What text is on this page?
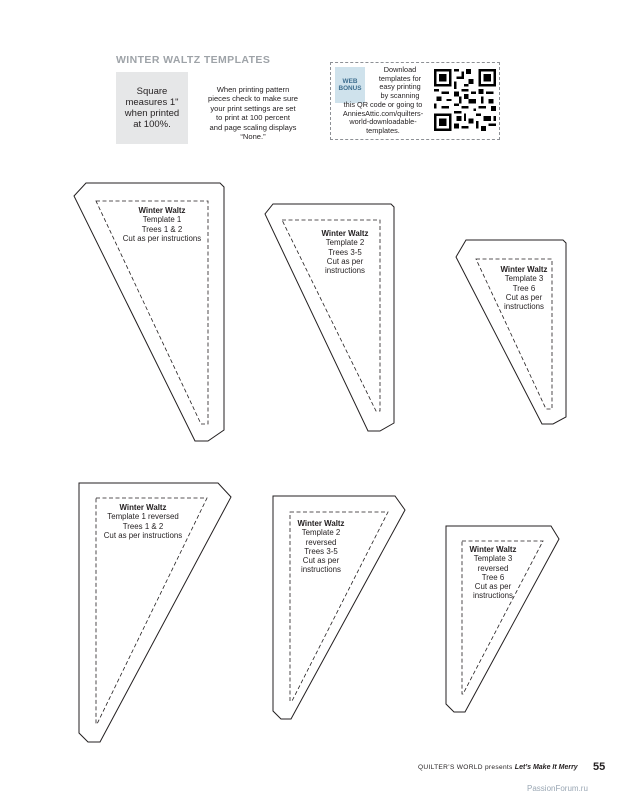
WINTER WALTZ TEMPLATES
Square measures 1" when printed at 100%.
When printing pattern
pieces check to make sure
your print settings are set
to print at 100 percent
and page scaling displays
“None.”
WEB
BONUS
Download
templates for
easy printing
by scanning
this QR code or going to
AnniesAttic.com/quilters-
world-downloadable-
templates.
Winter Waltz
Template 1
Trees 1 & 2
Cut as per instructions
Winter Waltz
Template 2
Trees 3-5
Cut as per
instructions	Winter Waltz
Template 3
Tree 6
Cut as per
instructions
Winter Waltz
Template 1 reversed
Trees 1 & 2
Cut as per instructions
Winter Waltz
Template 2
reversed
Trees 3-5
Cut as per
instructions
Winter Waltz
Template 3
reversed
Tree 6
Cut as per
instructions
QUILTER’S WORLD presents Let’s Make It Merry 55
PassionForum.ru
